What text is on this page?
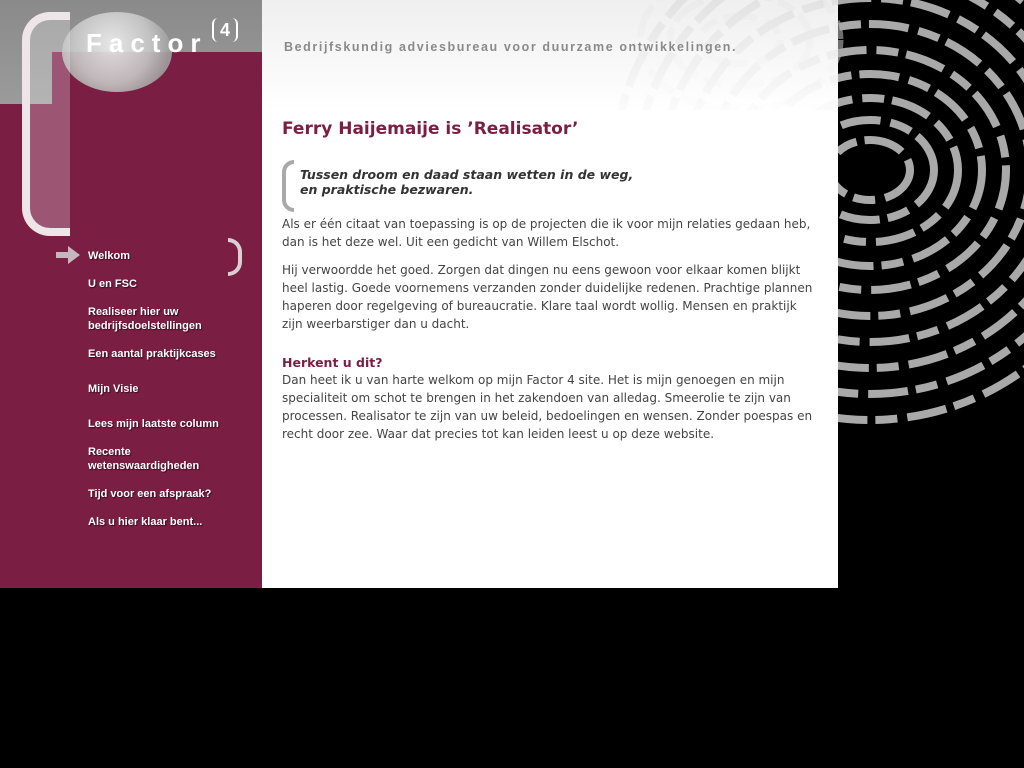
Bedrijfskundig adviesbureau voor duurzame ontwikkelingen.
Factor 4
Welkom
U en FSC
Realiseer hier uw bedrijfsdoelstellingen
Een aantal praktijkcases
Mijn Visie
Lees mijn laatste column
Recente wetenswaardigheden
Tijd voor een afspraak?
Als u hier klaar bent...
Ferry Haijemaije is ’Realisator’
Tussen droom en daad staan wetten in de weg,
en praktische bezwaren.

Als er één citaat van toepassing is op de projecten die ik voor mijn relaties gedaan heb, dan is het deze wel. Uit een gedicht van Willem Elschot.

Hij verwoordde het goed. Zorgen dat dingen nu eens gewoon voor elkaar komen blijkt heel lastig. Goede voornemens verzanden zonder duidelijke redenen. Prachtige plannen haperen door regelgeving of bureaucratie. Klare taal wordt wollig. Mensen en praktijk zijn weerbarstiger dan u dacht.

Herkent u dit?

Dan heet ik u van harte welkom op mijn Factor 4 site. Het is mijn genoegen en mijn specialiteit om schot te brengen in het zakendoen van alledag. Smeerolie te zijn van processen. Realisator te zijn van uw beleid, bedoelingen en wensen. Zonder poespas en recht door zee. Waar dat precies tot kan leiden leest u op deze website.
